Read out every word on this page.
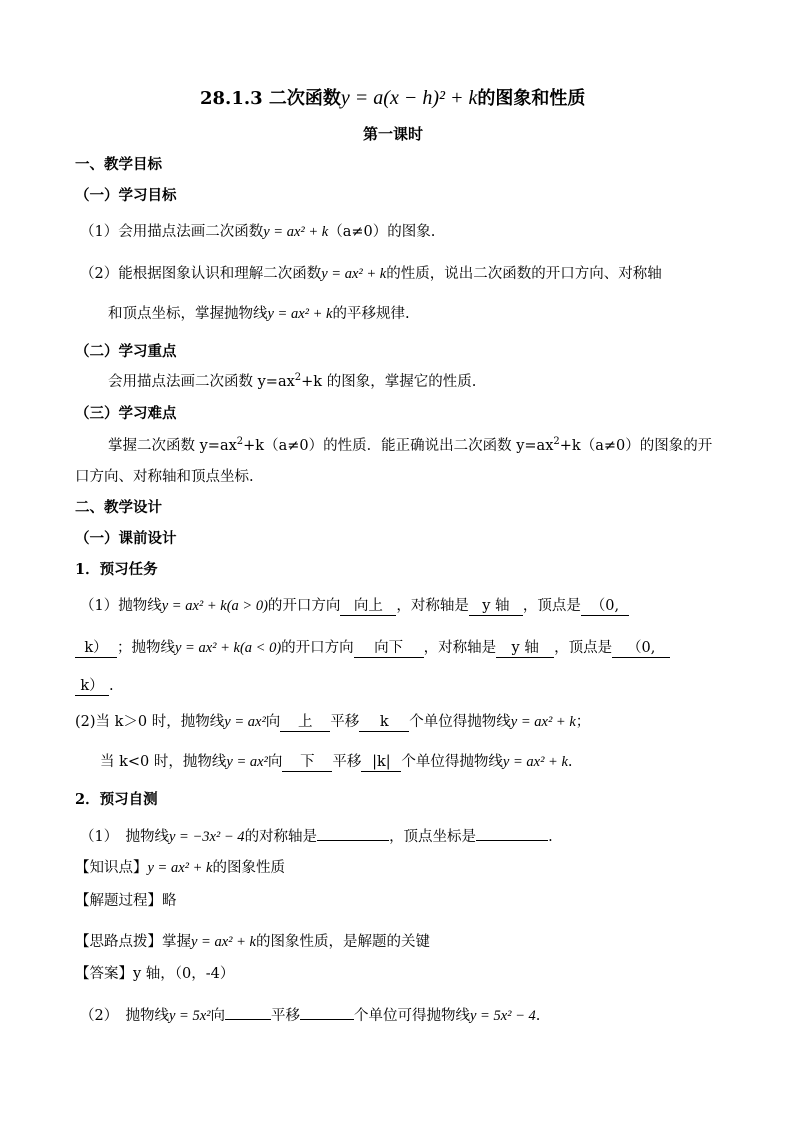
28.1.3 二次函数y = a(x − h)² + k的图象和性质
第一课时
一、教学目标
（一）学习目标
（1）会用描点法画二次函数y = ax² + k（a≠0）的图象.
（2）能根据图象认识和理解二次函数y = ax² + k的性质，说出二次函数的开口方向、对称轴
和顶点坐标，掌握抛物线y = ax² + k的平移规律.
（二）学习重点
会用描点法画二次函数 $y=ax^2+k$ 的图象，掌握它的性质.
（三）学习难点
掌握二次函数 $y=ax^2+k(a\ne 0)$的性质．能正确说出二次函数 $y=ax^2+k(a\ne 0)$的图象的开
口方向、对称轴和顶点坐标.
二、教学设计
（一）课前设计
1．预习任务
（1）抛物线y = ax² + k(a > 0)的开口方向 向上 ，对称轴是 y 轴 ，顶点是 （0,
k） ；抛物线y = ax² + k(a < 0)的开口方向 向下 ，对称轴是 y 轴 ，顶点是 （0,
k） .
(2)当 k＞0 时，抛物线y = ax²向 上 平移 k 个单位得抛物线y = ax² + k；
当 k<0 时，抛物线y = ax²向 下 平移 |k| 个单位得抛物线y = ax² + k.
2．预习自测
（1）　抛物线y = −3x² − 4的对称轴是	，顶点坐标是	.
【知识点】y = ax² + k的图象性质
【解题过程】略
【思路点拨】掌握y = ax² + k的图象性质，是解题的关键
【答案】y 轴，（0，-4）
（2）　抛物线y = 5x²向	平移	个单位可得抛物线y = 5x² − 4.
